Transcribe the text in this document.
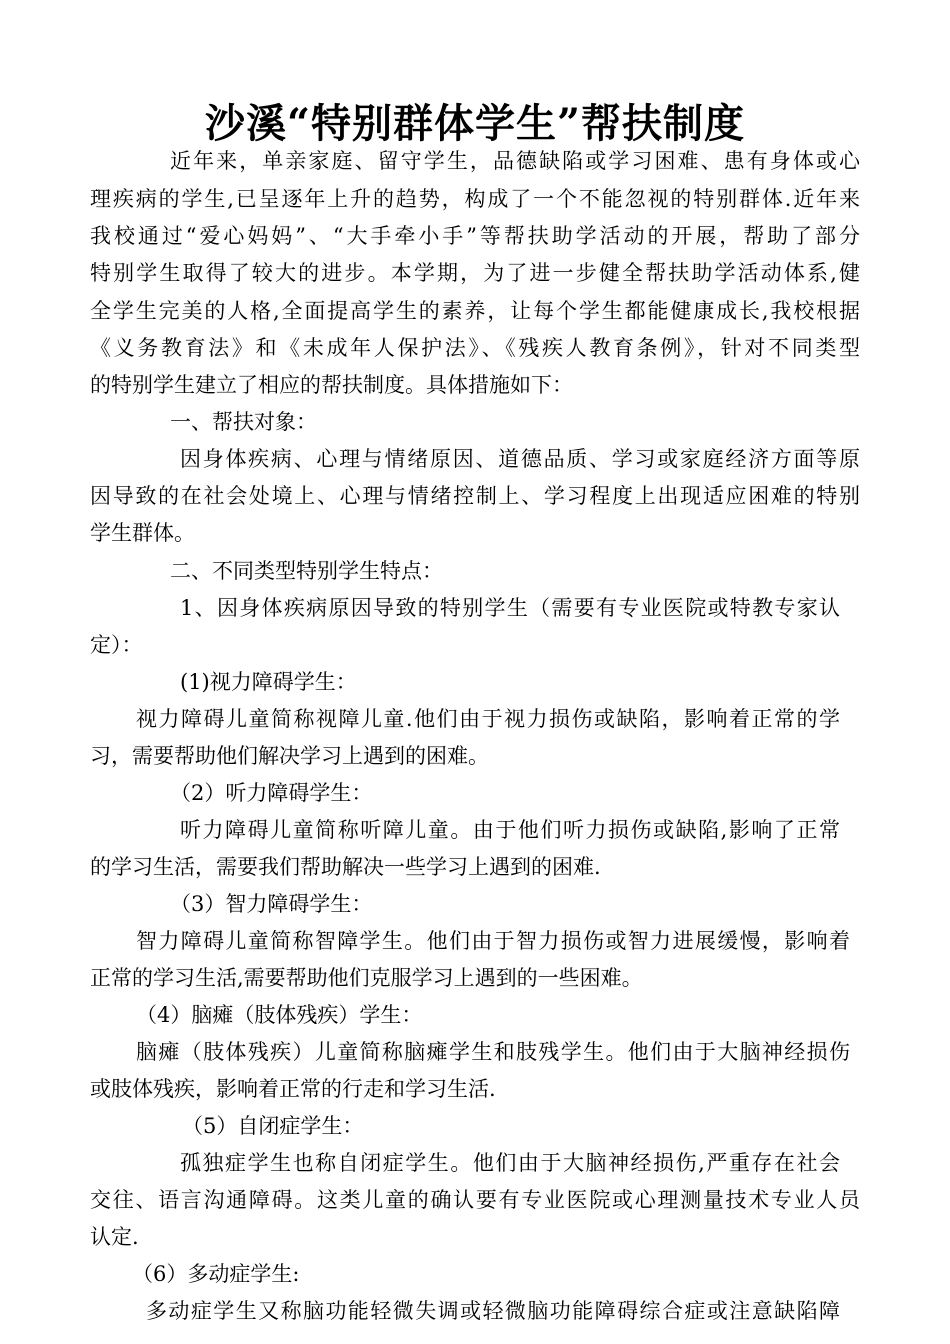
沙溪“特别群体学生”帮扶制度
近年来，单亲家庭、留守学生，品德缺陷或学习困难、患有身体或心
理疾病的学生,已呈逐年上升的趋势，构成了一个不能忽视的特别群体.近年来
我校通过“爱心妈妈”、“大手牵小手”等帮扶助学活动的开展，帮助了部分
特别学生取得了较大的进步。本学期，为了进一步健全帮扶助学活动体系,健
全学生完美的人格,全面提高学生的素养，让每个学生都能健康成长,我校根据
《义务教育法》和《未成年人保护法》、《残疾人教育条例》，针对不同类型
的特别学生建立了相应的帮扶制度。具体措施如下：
一、帮扶对象：
因身体疾病、心理与情绪原因、道德品质、学习或家庭经济方面等原
因导致的在社会处境上、心理与情绪控制上、学习程度上出现适应困难的特别
学生群体。
二、不同类型特别学生特点：
1、因身体疾病原因导致的特别学生（需要有专业医院或特教专家认
定）：
(1)视力障碍学生：
视力障碍儿童简称视障儿童.他们由于视力损伤或缺陷，影响着正常的学
习，需要帮助他们解决学习上遇到的困难。
（2）听力障碍学生：
听力障碍儿童简称听障儿童。由于他们听力损伤或缺陷,影响了正常
的学习生活，需要我们帮助解决一些学习上遇到的困难.
（3）智力障碍学生：
智力障碍儿童简称智障学生。他们由于智力损伤或智力进展缓慢，影响着
正常的学习生活,需要帮助他们克服学习上遇到的一些困难。
（4）脑瘫（肢体残疾）学生：
脑瘫（肢体残疾）儿童简称脑瘫学生和肢残学生。他们由于大脑神经损伤
或肢体残疾，影响着正常的行走和学习生活.
（5）自闭症学生：
孤独症学生也称自闭症学生。他们由于大脑神经损伤,严重存在社会
交往、语言沟通障碍。这类儿童的确认要有专业医院或心理测量技术专业人员
认定.
（6）多动症学生:
多动症学生又称脑功能轻微失调或轻微脑功能障碍综合症或注意缺陷障
